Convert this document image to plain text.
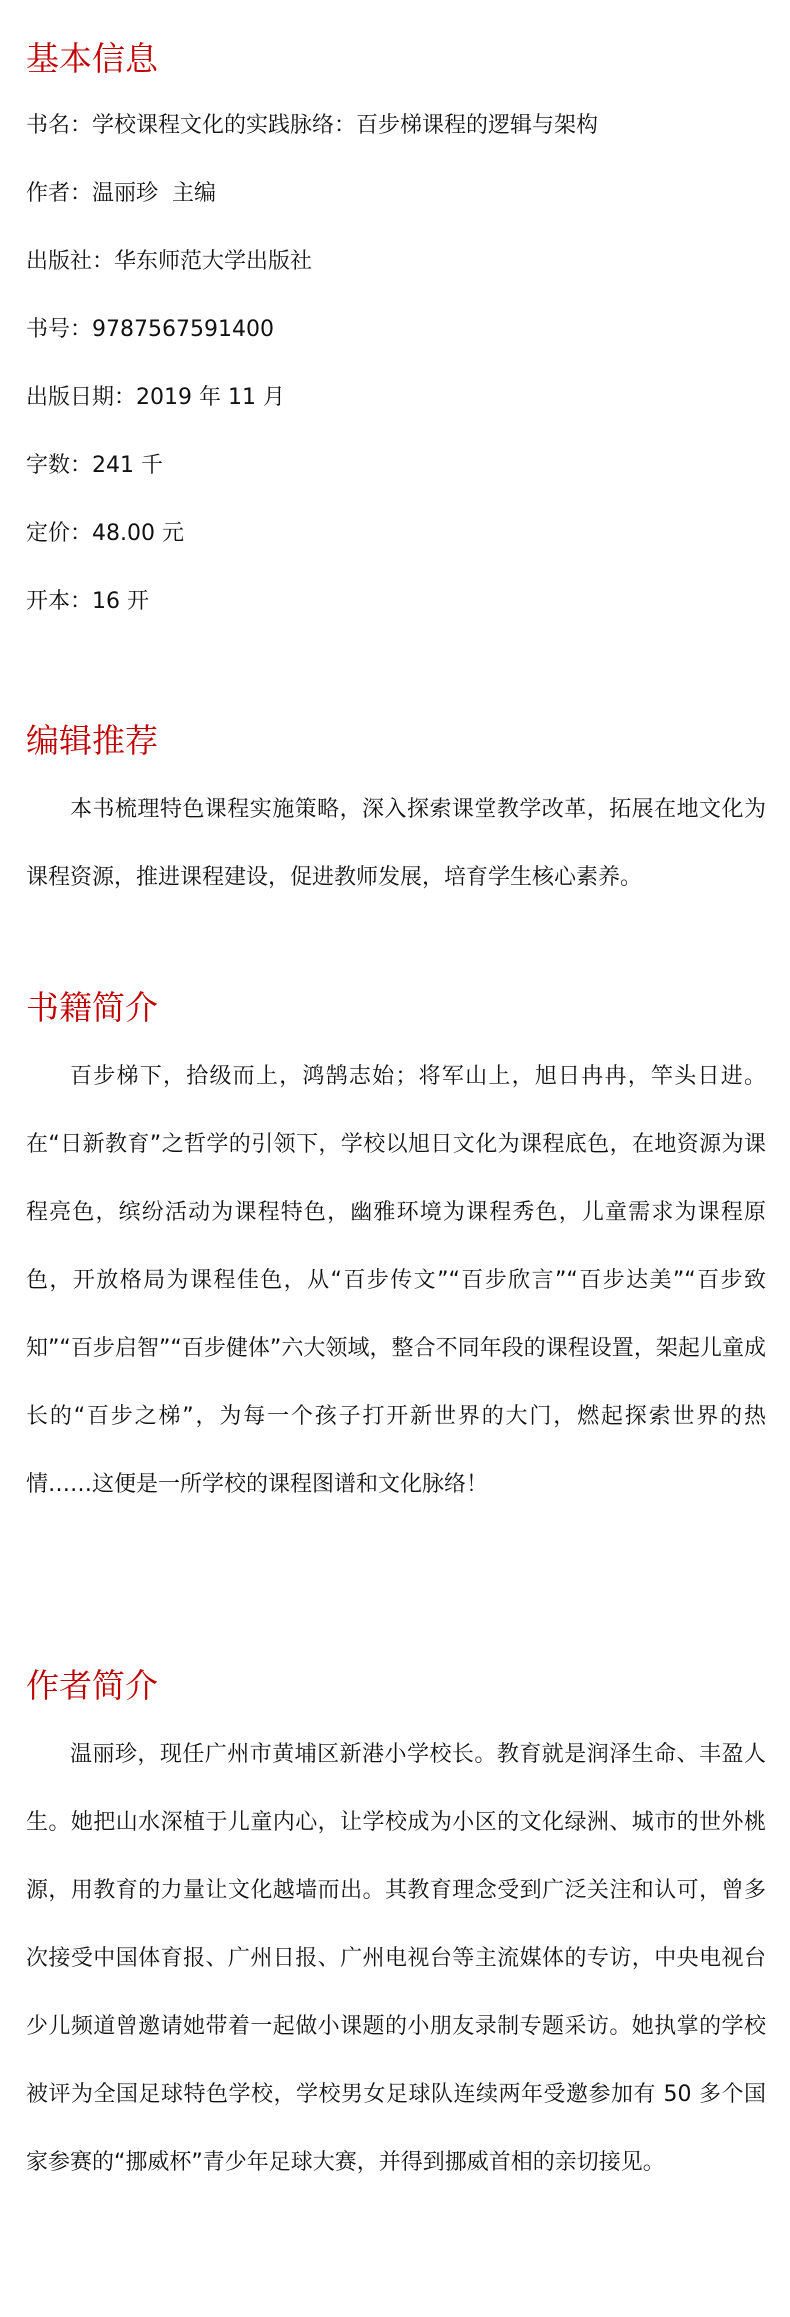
基本信息

书名：学校课程文化的实践脉络：百步梯课程的逻辑与架构

作者：温丽珍  主编

出版社：华东师范大学出版社

书号：9787567591400

出版日期：2019 年 11 月

字数：241 千

定价：48.00 元

开本：16 开

编辑推荐

本书梳理特色课程实施策略，深入探索课堂教学改革，拓展在地文化为课程资源，推进课程建设，促进教师发展，培育学生核心素养。

书籍简介

百步梯下，拾级而上，鸿鹄志始；将军山上，旭日冉冉，竿头日进。在“日新教育”之哲学的引领下，学校以旭日文化为课程底色，在地资源为课程亮色，缤纷活动为课程特色，幽雅环境为课程秀色，儿童需求为课程原色，开放格局为课程佳色，从“百步传文”“百步欣言”“百步达美”“百步致知”“百步启智”“百步健体”六大领域，整合不同年段的课程设置，架起儿童成长的“百步之梯”，为每一个孩子打开新世界的大门，燃起探索世界的热情……这便是一所学校的课程图谱和文化脉络！

作者简介

温丽珍，现任广州市黄埔区新港小学校长。教育就是润泽生命、丰盈人生。她把山水深植于儿童内心，让学校成为小区的文化绿洲、城市的世外桃源，用教育的力量让文化越墙而出。其教育理念受到广泛关注和认可，曾多次接受中国体育报、广州日报、广州电视台等主流媒体的专访，中央电视台少儿频道曾邀请她带着一起做小课题的小朋友录制专题采访。她执掌的学校被评为全国足球特色学校，学校男女足球队连续两年受邀参加有 50 多个国家参赛的“挪威杯”青少年足球大赛，并得到挪威首相的亲切接见。
